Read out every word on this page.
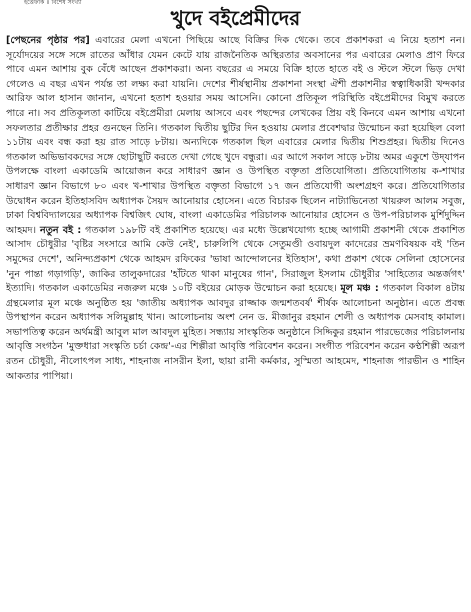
ইত্তেফাক ॥ বিশেষ সংখ্যা
খুদে বইপ্রেমীদের
[পেছনের পৃষ্ঠার পর] এবারের মেলা এখনো পিছিয়ে আছে বিক্রির দিক থেকে। তবে প্রকাশকরা এ নিয়ে হতাশ নন। সূর্যোদয়ের সঙ্গে সঙ্গে রাতের আঁধার যেমন কেটে যায় রাজনৈতিক অস্থিরতার অবসানের পর এবারের মেলাও প্রাণ ফিরে পাবে এমন আশায় বুক বেঁধে আছেন প্রকাশকরা। অন্য বছরের এ সময়ে বিক্রি হাতে হাতে বই ও স্টলে স্টলে ভিড় দেখা গেলেও এ বছর এখন পর্যন্ত তা লক্ষ্য করা যায়নি। দেশের শীর্ষস্থানীয় প্রকাশনা সংস্থা ঐশী প্রকাশনীর স্বত্বাধিকারী খন্দকার আরিফ আল হাসান জানান, এখনো হতাশ হওয়ার সময় আসেনি। কোনো প্রতিকূল পরিস্থিতি বইপ্রেমীদের বিমুখ করতে পারে না। সব প্রতিকূলতা কাটিয়ে বইপ্রেমীরা মেলায় আসবে এবং পছন্দের লেখকের প্রিয় বই কিনবে এমন আশায় এখনো সফলতার প্রতীক্ষার প্রহর গুনছেন তিনি। গতকাল দ্বিতীয় ছুটির দিন হওয়ায় মেলার প্রবেশদ্বার উন্মোচন করা হয়েছিল বেলা ১১টায় এবং বন্ধ করা হয় রাত সাড়ে ৮টায়। অন্যদিকে গতকাল ছিল এবারের মেলার দ্বিতীয় শিশুপ্রহর। দ্বিতীয় দিনেও গতকাল অভিভাবকদের সঙ্গে ছোটাছুটি করতে দেখা গেছে খুদে বন্ধুরা। এর আগে সকাল সাড়ে ৮টায় অমর একুশে উদ্‌যাপন উপলক্ষে বাংলা একাডেমি আয়োজন করে সাধারণ জ্ঞান ও উপস্থিত বক্তৃতা প্রতিযোগিতা। প্রতিযোগিতায় ক-শাখার সাধারণ জ্ঞান বিভাগে ৮০ এবং খ-শাখার উপস্থিত বক্তৃতা বিভাগে ১৭ জন প্রতিযোগী অংশগ্রহণ করে। প্রতিযোগিতার উদ্বোধন করেন ইতিহাসবিদ অধ্যাপক সৈয়দ আনোয়ার হোসেন। এতে বিচারক ছিলেন নাট্যাভিনেতা খায়রুল আলম সবুজ, ঢাকা বিশ্ববিদ্যালয়ের অধ্যাপক বিশ্বজিৎ ঘোষ, বাংলা একাডেমির পরিচালক আনোয়ার হোসেন ও উপ-পরিচালক মুর্শিদুদ্দিন আহমদ। নতুন বই : গতকাল ১৯৮টি বই প্রকাশিত হয়েছে। এর মধ্যে উল্লেখযোগ্য হচ্ছে আগামী প্রকাশনী থেকে প্রকাশিত আসাদ চৌধুরীর 'বৃষ্টির সংসারে আমি কেউ নেই', চারুলিপি থেকে সেতুমণ্ডী ওবায়দুল কাদেরের ভ্রমণবিষয়ক বই 'তিন সমুদ্দের দেশে', অনিন্দ্যপ্রকাশ থেকে আহমদ রফিকের 'ভাষা আন্দোলনের ইতিহাস', কথা প্রকাশ থেকে সেলিনা হোসেনের 'নুন পান্তা গড়াগড়ি', জাকির তালুকদারের 'হাঁটতে থাকা মানুষের গান', সিরাজুল ইসলাম চৌধুরীর 'সাহিত্যের অন্তর্জগৎ' ইত্যাদি। গতকাল একাডেমির নজরুল মঞ্চে ১০টি বইয়ের মোড়ক উন্মোচন করা হয়েছে। মূল মঞ্চ : গতকাল বিকাল ৪টায় গ্রন্থমেলার মূল মঞ্চে অনুষ্ঠিত হয় 'জাতীয় অধ্যাপক আবদুর রাজ্জাক জন্মশতবর্ষ' শীর্ষক আলোচনা অনুষ্ঠান। এতে প্রবন্ধ উপস্থাপন করেন অধ্যাপক সলিমুল্লাহ খান। আলোচনায় অংশ নেন ড. মীজানুর রহমান শেলী ও অধ্যাপক মেসবাহ কামাল। সভাপতিত্ব করেন অর্থমন্ত্রী আবুল মাল আবদুল মুহিত। সন্ধ্যায় সাংস্কৃতিক অনুষ্ঠানে সিদ্দিকুর রহমান পারভেজের পরিচালনায় আবৃত্তি সংগঠন 'মুক্তধারা সংস্কৃতি চর্চা কেন্দ্র'-এর শিল্পীরা আবৃত্তি পরিবেশন করেন। সংগীত পরিবেশন করেন কণ্ঠশিল্পী অরূপ রতন চৌধুরী, নীলোৎপল সাধ্য, শাহনাজ নাসরীন ইলা, ছায়া রানী কর্মকার, সুস্মিতা আহমেদ, শাহনাজ পারভীন ও শাহিন আকতার পাপিয়া।
